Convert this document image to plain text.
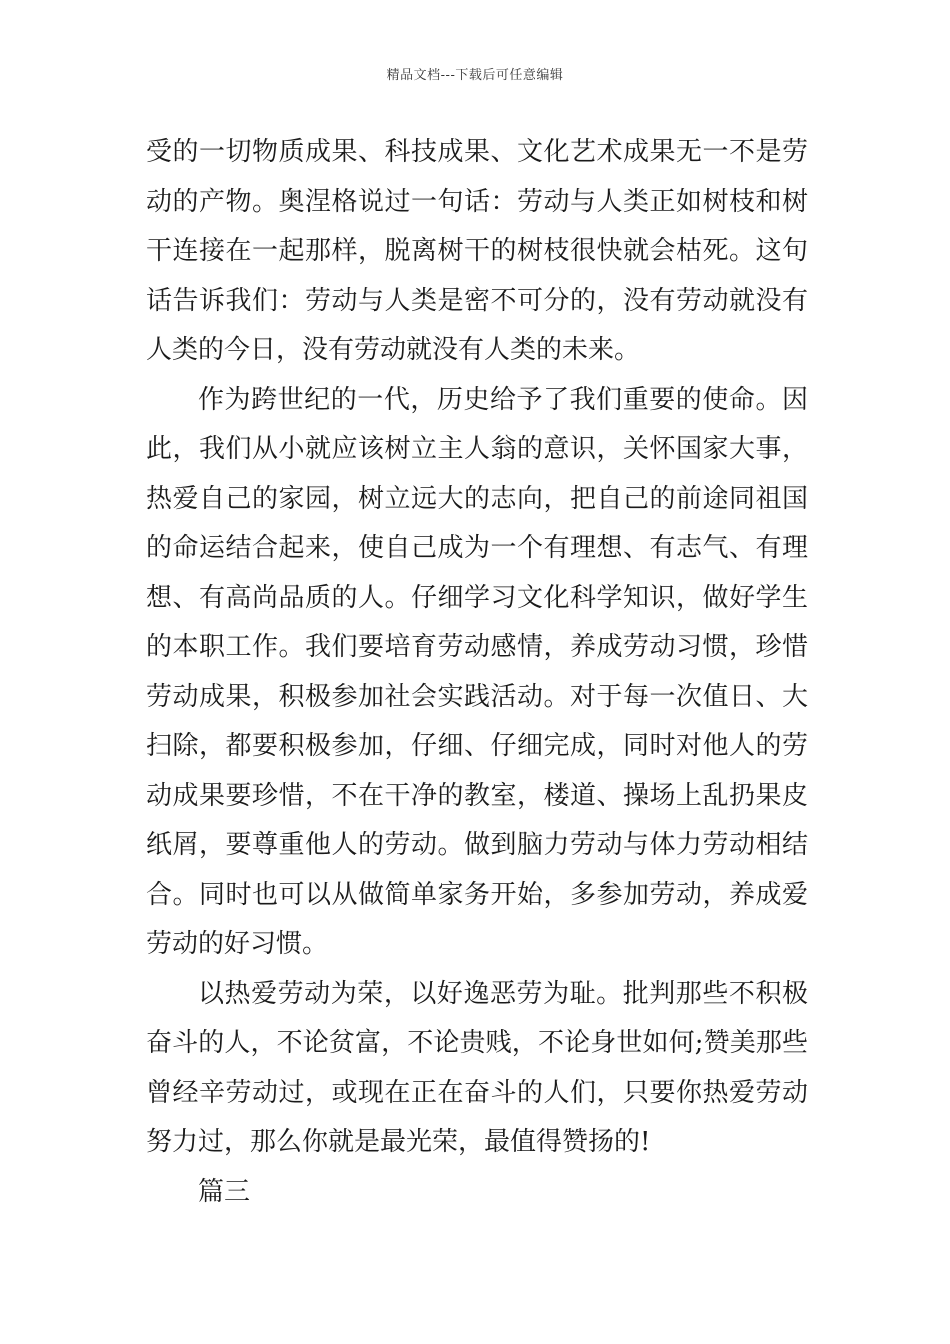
精品文档---下载后可任意编辑

受的一切物质成果、科技成果、文化艺术成果无一不是劳动的产物。奥涅格说过一句话：劳动与人类正如树枝和树干连接在一起那样，脱离树干的树枝很快就会枯死。这句话告诉我们：劳动与人类是密不可分的，没有劳动就没有人类的今日，没有劳动就没有人类的未来。

作为跨世纪的一代，历史给予了我们重要的使命。因此，我们从小就应该树立主人翁的意识，关怀国家大事，热爱自己的家园，树立远大的志向，把自己的前途同祖国的命运结合起来，使自己成为一个有理想、有志气、有理想、有高尚品质的人。仔细学习文化科学知识，做好学生的本职工作。我们要培育劳动感情，养成劳动习惯，珍惜劳动成果，积极参加社会实践活动。对于每一次值日、大扫除，都要积极参加，仔细、仔细完成，同时对他人的劳动成果要珍惜，不在干净的教室，楼道、操场上乱扔果皮纸屑，要尊重他人的劳动。做到脑力劳动与体力劳动相结合。同时也可以从做简单家务开始，多参加劳动，养成爱劳动的好习惯。

以热爱劳动为荣，以好逸恶劳为耻。批判那些不积极奋斗的人，不论贫富，不论贵贱，不论身世如何;赞美那些曾经辛劳动过，或现在正在奋斗的人们，只要你热爱劳动努力过，那么你就是最光荣，最值得赞扬的!

篇三
